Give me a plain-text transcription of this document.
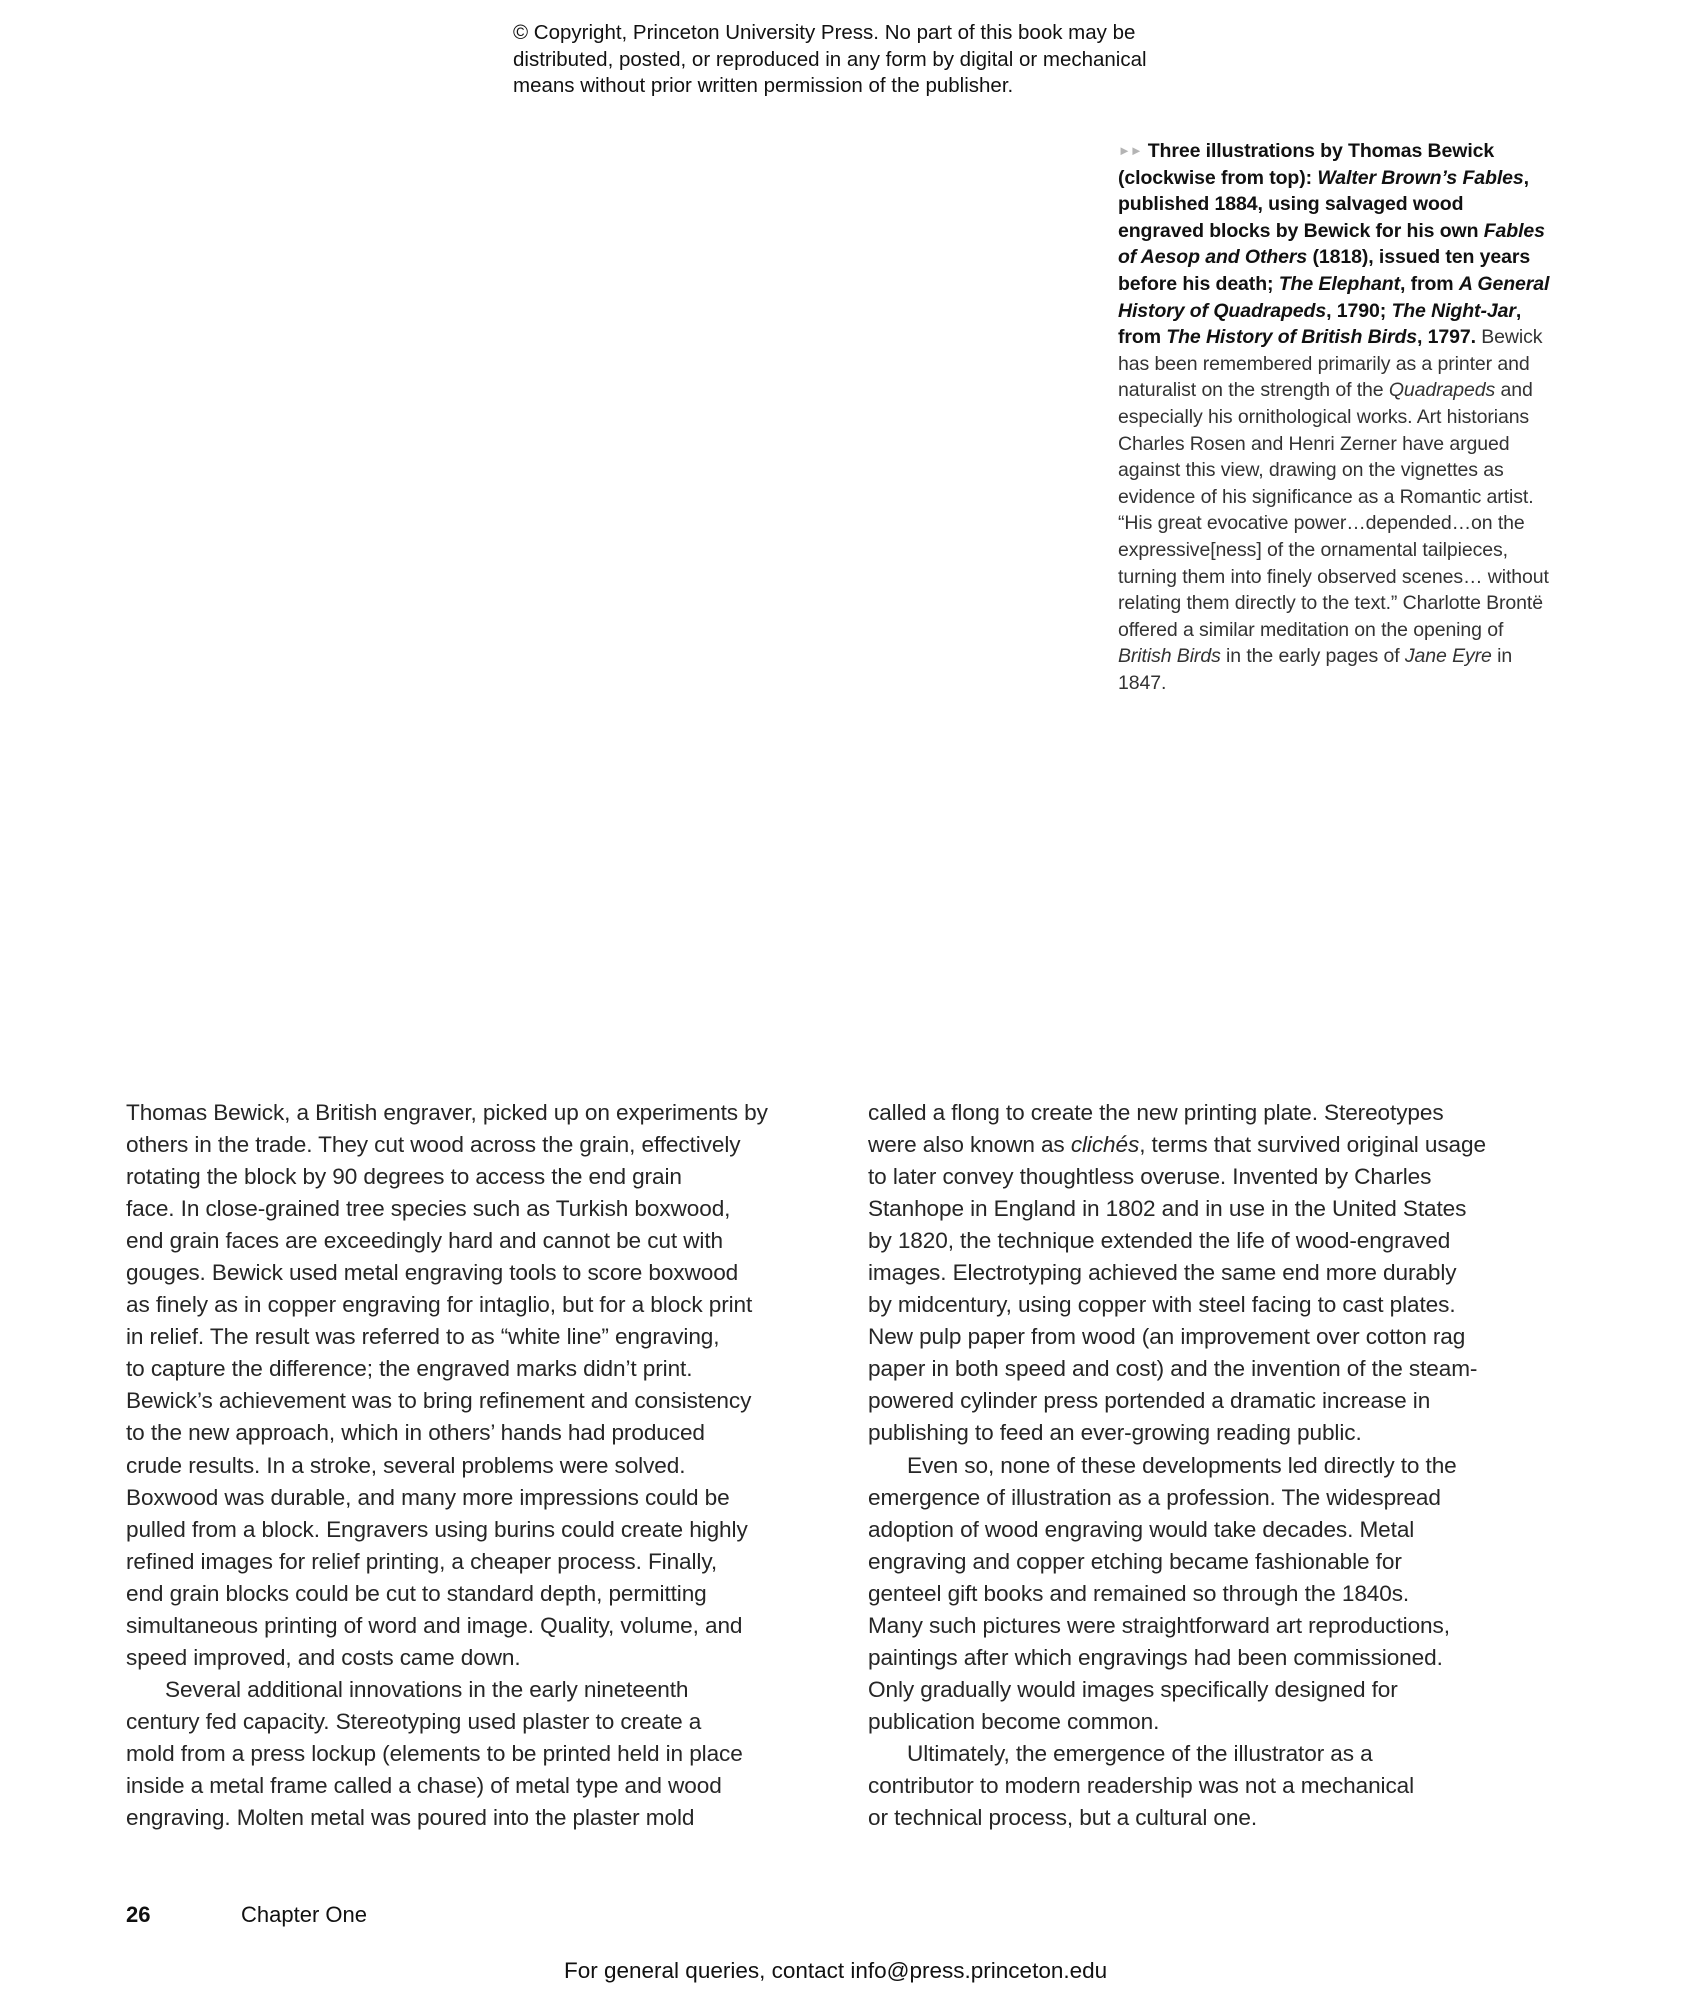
© Copyright, Princeton University Press. No part of this book may be
distributed, posted, or reproduced in any form by digital or mechanical
means without prior written permission of the publisher.
►► Three illustrations by Thomas Bewick (clockwise from top): Walter Brown’s Fables, published 1884, using salvaged wood engraved blocks by Bewick for his own Fables of Aesop and Others (1818), issued ten years before his death; The Elephant, from A General History of Quadrapeds, 1790; The Night-Jar, from The History of British Birds, 1797. Bewick has been remembered primarily as a printer and naturalist on the strength of the Quadrapeds and especially his ornithological works. Art historians Charles Rosen and Henri Zerner have argued against this view, drawing on the vignettes as evidence of his significance as a Romantic artist. “His great evocative power…depended…on the expressive[ness] of the ornamental tailpieces, turning them into finely observed scenes… without relating them directly to the text.” Charlotte Brontë offered a similar meditation on the opening of British Birds in the early pages of Jane Eyre in 1847.
Thomas Bewick, a British engraver, picked up on experiments by
others in the trade. They cut wood across the grain, effectively
rotating the block by 90 degrees to access the end grain
face. In close-grained tree species such as Turkish boxwood,
end grain faces are exceedingly hard and cannot be cut with
gouges. Bewick used metal engraving tools to score boxwood
as finely as in copper engraving for intaglio, but for a block print
in relief. The result was referred to as “white line” engraving,
to capture the difference; the engraved marks didn’t print.
Bewick’s achievement was to bring refinement and consistency
to the new approach, which in others’ hands had produced
crude results. In a stroke, several problems were solved.
Boxwood was durable, and many more impressions could be
pulled from a block. Engravers using burins could create highly
refined images for relief printing, a cheaper process. Finally,
end grain blocks could be cut to standard depth, permitting
simultaneous printing of word and image. Quality, volume, and
speed improved, and costs came down.
Several additional innovations in the early nineteenth
century fed capacity. Stereotyping used plaster to create a
mold from a press lockup (elements to be printed held in place
inside a metal frame called a chase) of metal type and wood
engraving. Molten metal was poured into the plaster mold
called a flong to create the new printing plate. Stereotypes
were also known as clichés, terms that survived original usage
to later convey thoughtless overuse. Invented by Charles
Stanhope in England in 1802 and in use in the United States
by 1820, the technique extended the life of wood-engraved
images. Electrotyping achieved the same end more durably
by midcentury, using copper with steel facing to cast plates.
New pulp paper from wood (an improvement over cotton rag
paper in both speed and cost) and the invention of the steam-
powered cylinder press portended a dramatic increase in
publishing to feed an ever-growing reading public.
Even so, none of these developments led directly to the
emergence of illustration as a profession. The widespread
adoption of wood engraving would take decades. Metal
engraving and copper etching became fashionable for
genteel gift books and remained so through the 1840s.
Many such pictures were straightforward art reproductions,
paintings after which engravings had been commissioned.
Only gradually would images specifically designed for
publication become common.
Ultimately, the emergence of the illustrator as a
contributor to modern readership was not a mechanical
or technical process, but a cultural one.
26	Chapter One
For general queries, contact info@press.princeton.edu
